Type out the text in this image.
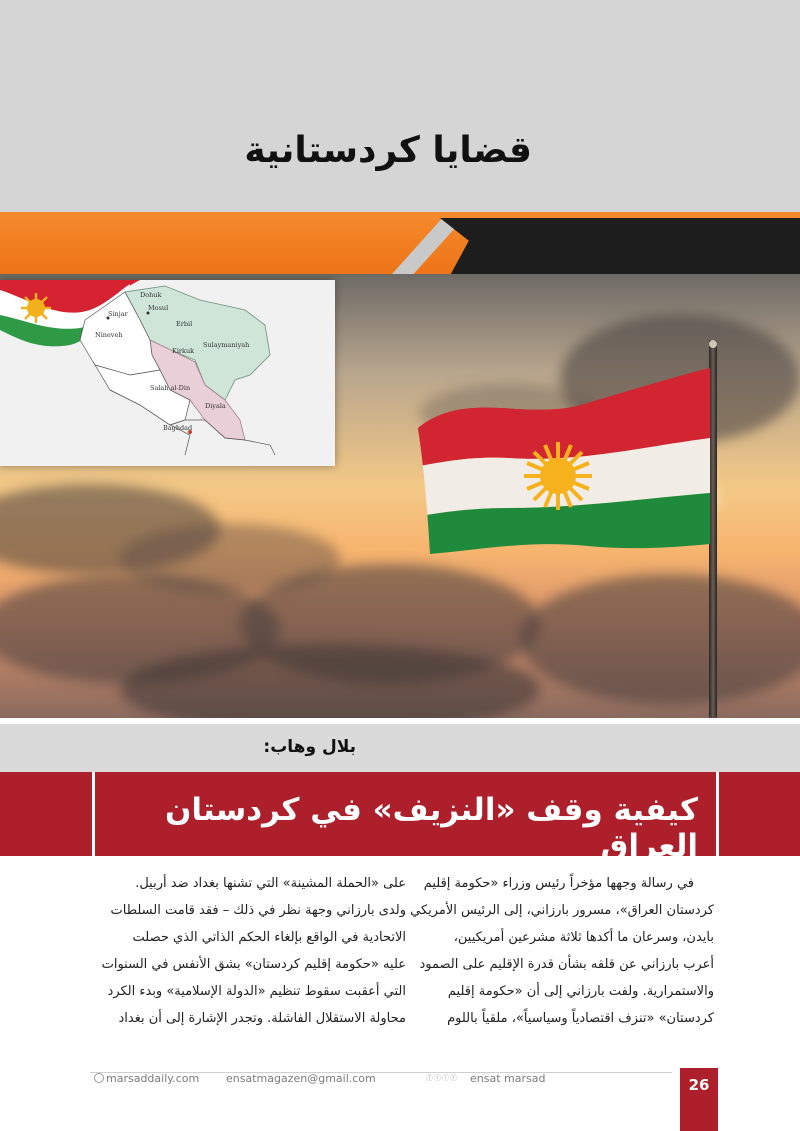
قضايا كردستانية
Dohuk
Mosul
Sinjar
Erbil
Nineveh
Sulaymaniyah
Kirkuk
Salah al-Din
Diyala
Baghdad
بلال وهاب:
كيفية وقف «النزيف» في كردستان العراق

في رسالة وجهها مؤخراً رئيس وزراء «حكومة إقليم

كردستان العراق»، مسرور بارزاني، إلى الرئيس الأمريكي

بايدن، وسرعان ما أكدها ثلاثة مشرعين أمريكيين،

أعرب بارزاني عن قلقه بشأن قدرة الإقليم على الصمود

والاستمرارية. ولفت بارزاني إلى أن «حكومة إقليم

كردستان» «تنزف اقتصادياً وسياسياً»، ملقياً باللوم

على «الحملة المشينة» التي تشنها بغداد ضد أربيل.

ولدى بارزاني وجهة نظر في ذلك – فقد قامت السلطات

الاتحادية في الواقع بإلغاء الحكم الذاتي الذي حصلت

عليه «حكومة إقليم كردستان» بشق الأنفس في السنوات

التي أعقبت سقوط تنظيم «الدولة الإسلامية» وبدء الكرد

محاولة الاستقلال الفاشلة. وتجدر الإشارة إلى أن بغداد

marsaddaily.com ensatmagazen@gmail.com	ⓕⓣⓘⓨ ensat marsad	26
